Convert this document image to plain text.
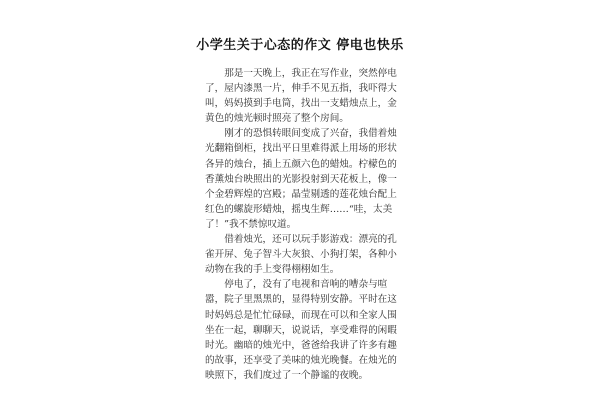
小学生关于心态的作文 停电也快乐

那是一天晚上，我正在写作业，突然停电了，屋内漆黑一片，伸手不见五指，我吓得大叫，妈妈摸到手电筒，找出一支蜡烛点上，金黄色的烛光顿时照亮了整个房间。

刚才的恐惧转眼间变成了兴奋，我借着烛光翻箱倒柜，找出平日里难得派上用场的形状各异的烛台，插上五颜六色的蜡烛。柠檬色的香薰烛台映照出的光影投射到天花板上，像一个金碧辉煌的宫殿；晶莹剔透的莲花烛台配上红色的螺旋形蜡烛，摇曳生辉……“哇，太美了！”我不禁惊叹道。

借着烛光，还可以玩手影游戏：漂亮的孔雀开屏、兔子智斗大灰狼、小狗打架，各种小动物在我的手上变得栩栩如生。

停电了，没有了电视和音响的嘈杂与喧嚣，院子里黑黑的，显得特别安静。平时在这时妈妈总是忙忙碌碌，而现在可以和全家人围坐在一起，聊聊天，说说话，享受难得的闲暇时光。幽暗的烛光中，爸爸给我讲了许多有趣的故事，还享受了美味的烛光晚餐。在烛光的映照下，我们度过了一个静谧的夜晚。
